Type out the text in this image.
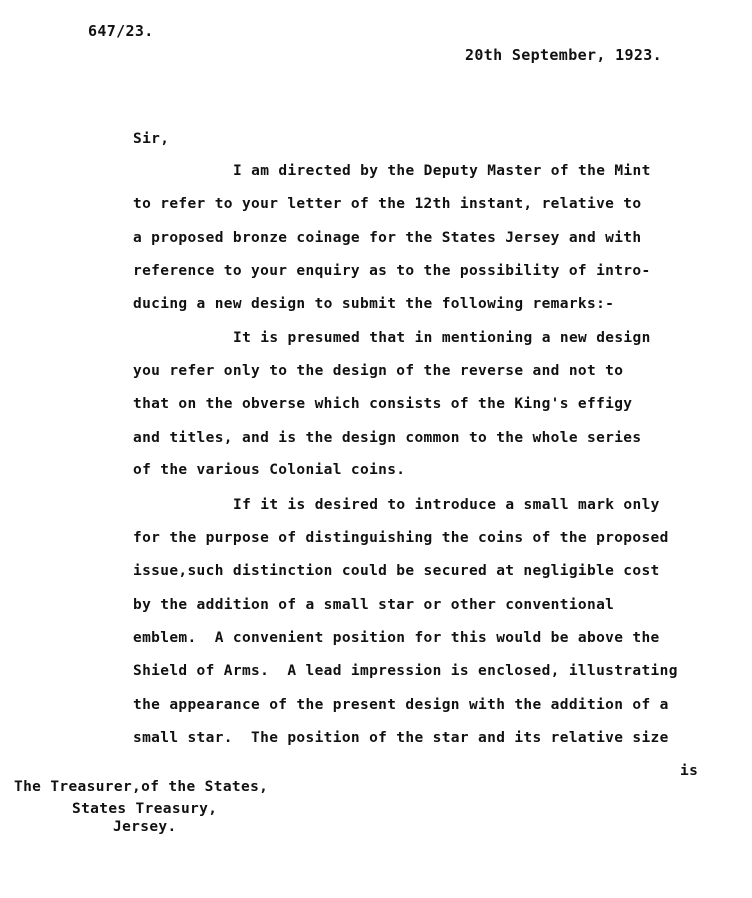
647/23.
20th September, 1923.
Sir,
I am directed by the Deputy Master of the Mint
to refer to your letter of the 12th instant, relative to
a proposed bronze coinage for the States Jersey and with
reference to your enquiry as to the possibility of intro-
ducing a new design to submit the following remarks:-
It is presumed that in mentioning a new design
you refer only to the design of the reverse and not to
that on the obverse which consists of the King's effigy
and titles, and is the design common to the whole series
of the various Colonial coins.
If it is desired to introduce a small mark only
for the purpose of distinguishing the coins of the proposed
issue,such distinction could be secured at negligible cost
by the addition of a small star or other conventional
emblem.  A convenient position for this would be above the
Shield of Arms.  A lead impression is enclosed, illustrating
the appearance of the present design with the addition of a
small star.  The position of the star and its relative size
is
The Treasurer,of the States,
States Treasury,
Jersey.
